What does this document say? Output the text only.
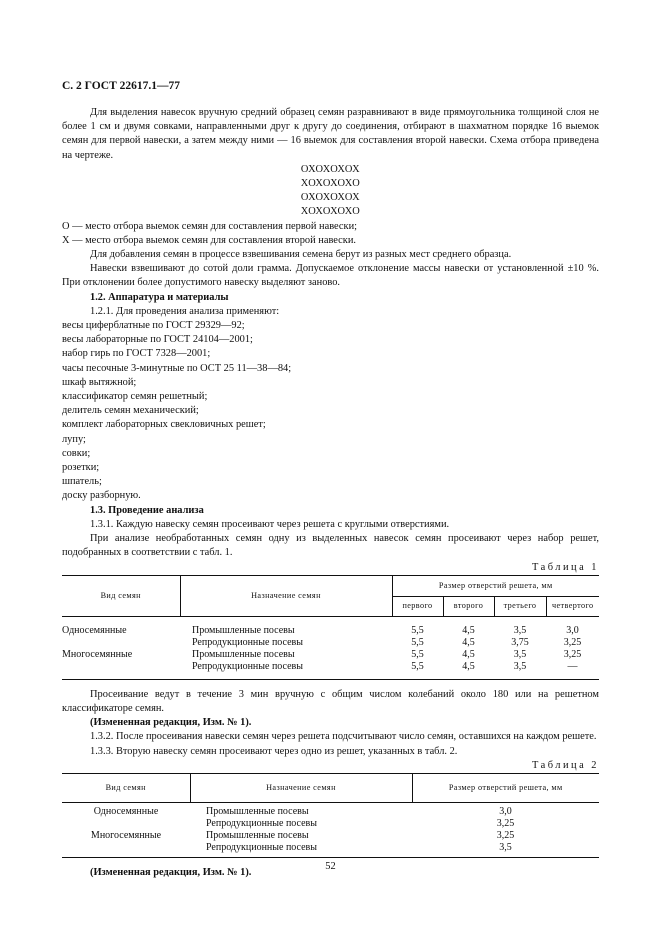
С. 2 ГОСТ 22617.1—77

Для выделения навесок вручную средний образец семян разравнивают в виде прямоугольника толщиной слоя не более 1 см и двумя совками, направленными друг к другу до соединения, отбирают в шахматном порядке 16 выемок семян для первой навески, а затем между ними — 16 выемок для составления второй навески. Схема отбора приведена на чертеже.

ОХОХОХОХ
ХОХОХОХО
ОХОХОХОХ
ХОХОХОХО

О — место отбора выемок семян для составления первой навески;

Х — место отбора выемок семян для составления второй навески.

Для добавления семян в процессе взвешивания семена берут из разных мест среднего образца.

Навески взвешивают до сотой доли грамма. Допускаемое отклонение массы навески от установленной ±10 %. При отклонении более допустимого навеску выделяют заново.

1.2. Аппаратура и материалы

1.2.1. Для проведения анализа применяют:

весы циферблатные по ГОСТ 29329—92;
весы лабораторные по ГОСТ 24104—2001;
набор гирь по ГОСТ 7328—2001;
часы песочные 3-минутные по ОСТ 25 11—38—84;
шкаф вытяжной;
классификатор семян решетный;
делитель семян механический;
комплект лабораторных свекловичных решет;
лупу;
совки;
розетки;
шпатель;
доску разборную.

1.3. Проведение анализа

1.3.1. Каждую навеску семян просеивают через решета с круглыми отверстиями.

При анализе необработанных семян одну из выделенных навесок семян просеивают через набор решет, подобранных в соответствии с табл. 1.

Таблица 1
Вид семян	Назначение семян	Размер отверстий решета, мм			
		первого	второго	третьего	четвертого
Односемянные	Промышленные посевы	5,5	4,5	3,5	3,0
	Репродукционные посевы	5,5	4,5	3,75	3,25
Многосемянные	Промышленные посевы	5,5	4,5	3,5	3,25
	Репродукционные посевы	5,5	4,5	3,5	—

Просеивание ведут в течение 3 мин вручную с общим числом колебаний около 180 или на решетном классификаторе семян.

(Измененная редакция, Изм. № 1).

1.3.2. После просеивания навески семян через решета подсчитывают число семян, оставшихся на каждом решете.

1.3.3. Вторую навеску семян просеивают через одно из решет, указанных в табл. 2.

Таблица 2
Вид семян	Назначение семян	Размер отверстий решета, мм
Односемянные	Промышленные посевы	3,0
	Репродукционные посевы	3,25
Многосемянные	Промышленные посевы	3,25
	Репродукционные посевы	3,5

(Измененная редакция, Изм. № 1).

52
